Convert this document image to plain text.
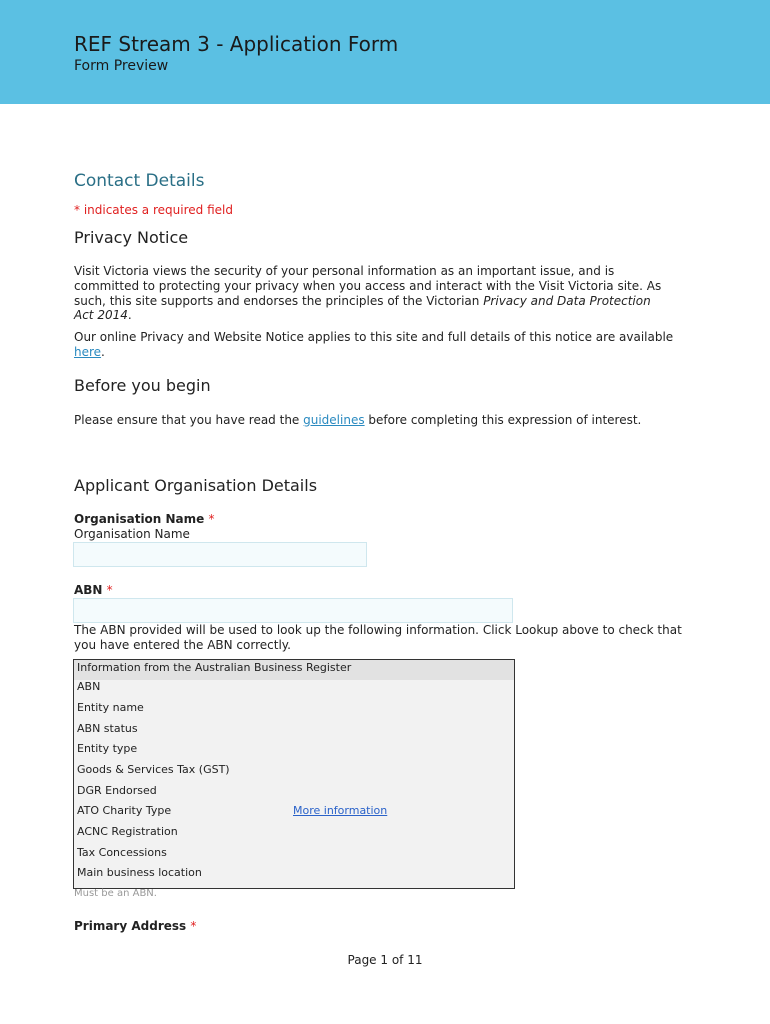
REF Stream 3 - Application Form
Form Preview
Contact Details
* indicates a required field
Privacy Notice
Visit Victoria views the security of your personal information as an important issue, and is committed to protecting your privacy when you access and interact with the Visit Victoria site. As such, this site supports and endorses the principles of the Victorian Privacy and Data Protection Act 2014.
Our online Privacy and Website Notice applies to this site and full details of this notice are available here.
Before you begin
Please ensure that you have read the guidelines before completing this expression of interest.
Applicant Organisation Details
Organisation Name *
Organisation Name
ABN *
The ABN provided will be used to look up the following information. Click Lookup above to check that you have entered the ABN correctly.
Information from the Australian Business Register
ABN
Entity name
ABN status
Entity type
Goods & Services Tax (GST)
DGR Endorsed
ATO Charity Type	More information
ACNC Registration
Tax Concessions
Main business location
Must be an ABN.
Primary Address *
Page 1 of 11
